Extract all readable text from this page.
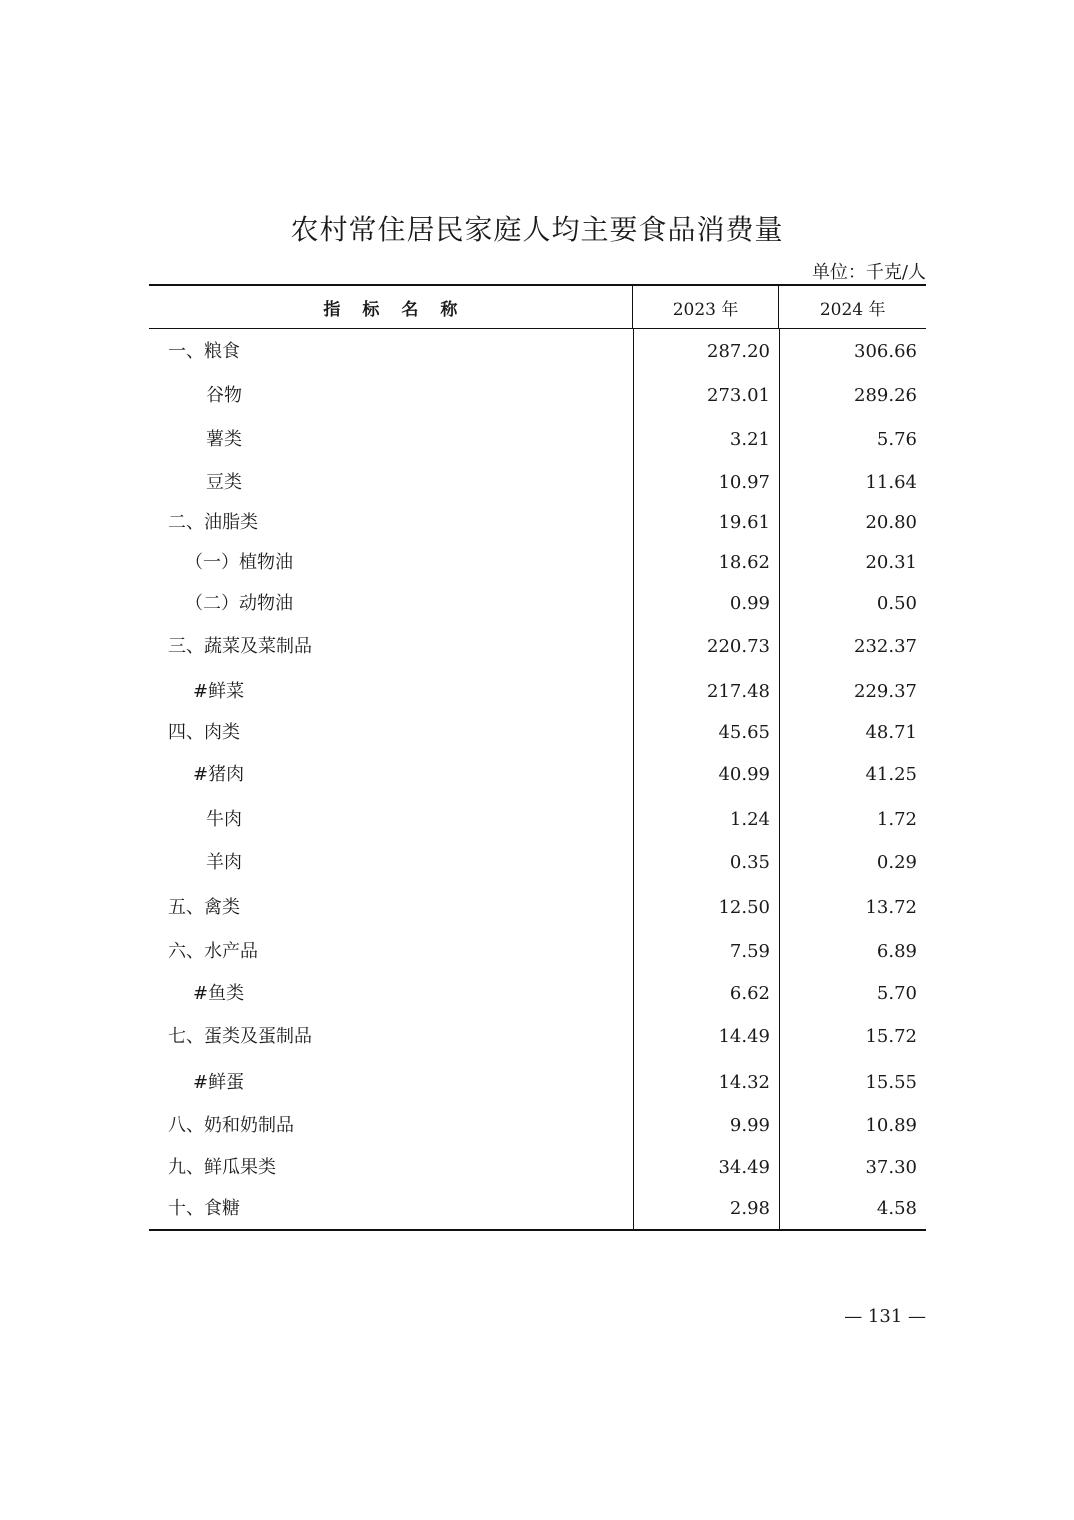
农村常住居民家庭人均主要食品消费量
单位：千克/人
指标名称	2023 年	2024 年
一、粮食	287.20	306.66
谷物	273.01	289.26
薯类	3.21	5.76
豆类	10.97	11.64
二、油脂类	19.61	20.80
（一）植物油	18.62	20.31
（二）动物油	0.99	0.50
三、蔬菜及菜制品	220.73	232.37
#鲜菜	217.48	229.37
四、肉类	45.65	48.71
#猪肉	40.99	41.25
牛肉	1.24	1.72
羊肉	0.35	0.29
五、禽类	12.50	13.72
六、水产品	7.59	6.89
#鱼类	6.62	5.70
七、蛋类及蛋制品	14.49	15.72
#鲜蛋	14.32	15.55
八、奶和奶制品	9.99	10.89
九、鲜瓜果类	34.49	37.30
十、食糖	2.98	4.58
— 131 —
